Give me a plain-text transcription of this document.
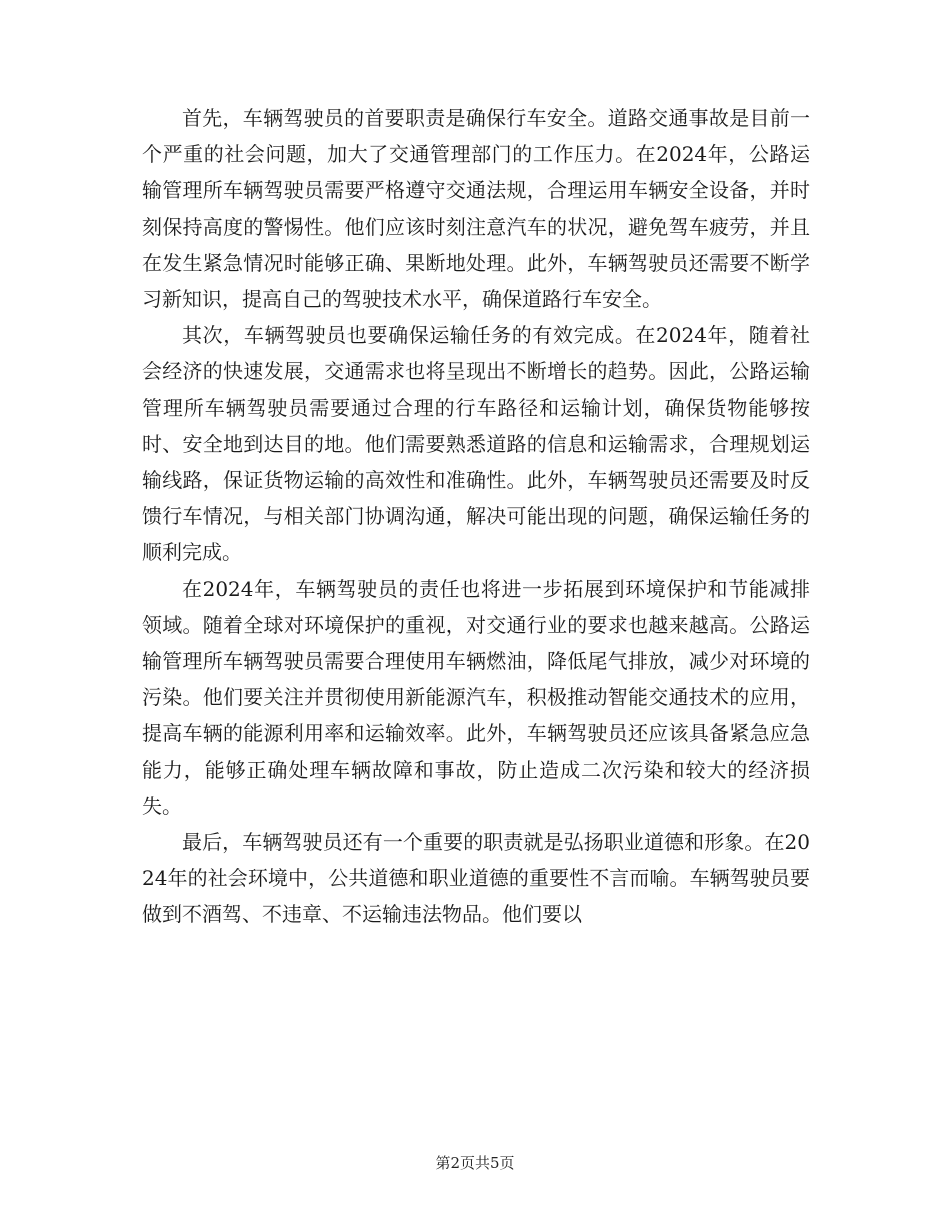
首先，车辆驾驶员的首要职责是确保行车安全。道路交通事故是目前一个严重的社会问题，加大了交通管理部门的工作压力。在2024年，公路运输管理所车辆驾驶员需要严格遵守交通法规，合理运用车辆安全设备，并时刻保持高度的警惕性。他们应该时刻注意汽车的状况，避免驾车疲劳，并且在发生紧急情况时能够正确、果断地处理。此外，车辆驾驶员还需要不断学习新知识，提高自己的驾驶技术水平，确保道路行车安全。

其次，车辆驾驶员也要确保运输任务的有效完成。在2024年，随着社会经济的快速发展，交通需求也将呈现出不断增长的趋势。因此，公路运输管理所车辆驾驶员需要通过合理的行车路径和运输计划，确保货物能够按时、安全地到达目的地。他们需要熟悉道路的信息和运输需求，合理规划运输线路，保证货物运输的高效性和准确性。此外，车辆驾驶员还需要及时反馈行车情况，与相关部门协调沟通，解决可能出现的问题，确保运输任务的顺利完成。

在2024年，车辆驾驶员的责任也将进一步拓展到环境保护和节能减排领域。随着全球对环境保护的重视，对交通行业的要求也越来越高。公路运输管理所车辆驾驶员需要合理使用车辆燃油，降低尾气排放，减少对环境的污染。他们要关注并贯彻使用新能源汽车，积极推动智能交通技术的应用，提高车辆的能源利用率和运输效率。此外，车辆驾驶员还应该具备紧急应急能力，能够正确处理车辆故障和事故，防止造成二次污染和较大的经济损失。

最后，车辆驾驶员还有一个重要的职责就是弘扬职业道德和形象。在2024年的社会环境中，公共道德和职业道德的重要性不言而喻。车辆驾驶员要做到不酒驾、不违章、不运输违法物品。他们要以

第2页共5页
